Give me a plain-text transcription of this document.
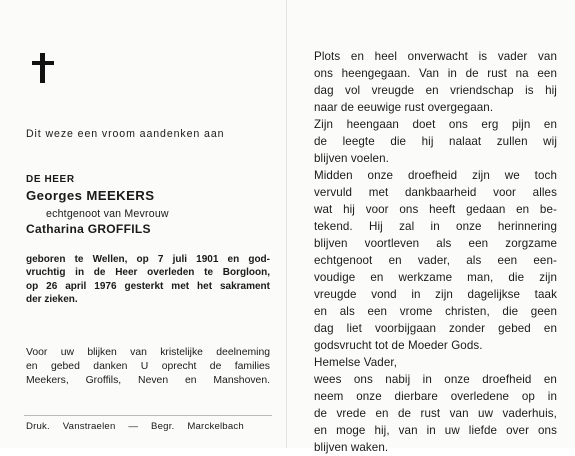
Dit weze een vroom aandenken aan
DE HEER
Georges MEEKERS
echtgenoot van Mevrouw
Catharina GROFFILS
geboren te Wellen, op 7 juli 1901 en god-
vruchtig in de Heer overleden te Borgloon,
op 26 april 1976 gesterkt met het sakrament
der zieken.
Voor uw blijken van kristelijke deelneming
en gebed danken U oprecht de families
Meekers, Groffils, Neven en Manshoven.
Druk. Vanstraelen — Begr. Marckelbach
Plots en heel onverwacht is vader van
ons heengegaan. Van in de rust na een
dag vol vreugde en vriendschap is hij
naar de eeuwige rust overgegaan.
Zijn heengaan doet ons erg pijn en
de leegte die hij nalaat zullen wij
blijven voelen.
Midden onze droefheid zijn we toch
vervuld met dankbaarheid voor alles
wat hij voor ons heeft gedaan en be-
tekend. Hij zal in onze herinnering
blijven voortleven als een zorgzame
echtgenoot en vader, als een een-
voudige en werkzame man, die zijn
vreugde vond in zijn dagelijkse taak
en als een vrome christen, die geen
dag liet voorbijgaan zonder gebed en
godsvrucht tot de Moeder Gods.
Hemelse Vader,
wees ons nabij in onze droefheid en
neem onze dierbare overledene op in
de vrede en de rust van uw vaderhuis,
en moge hij, van in uw liefde over ons
blijven waken.
